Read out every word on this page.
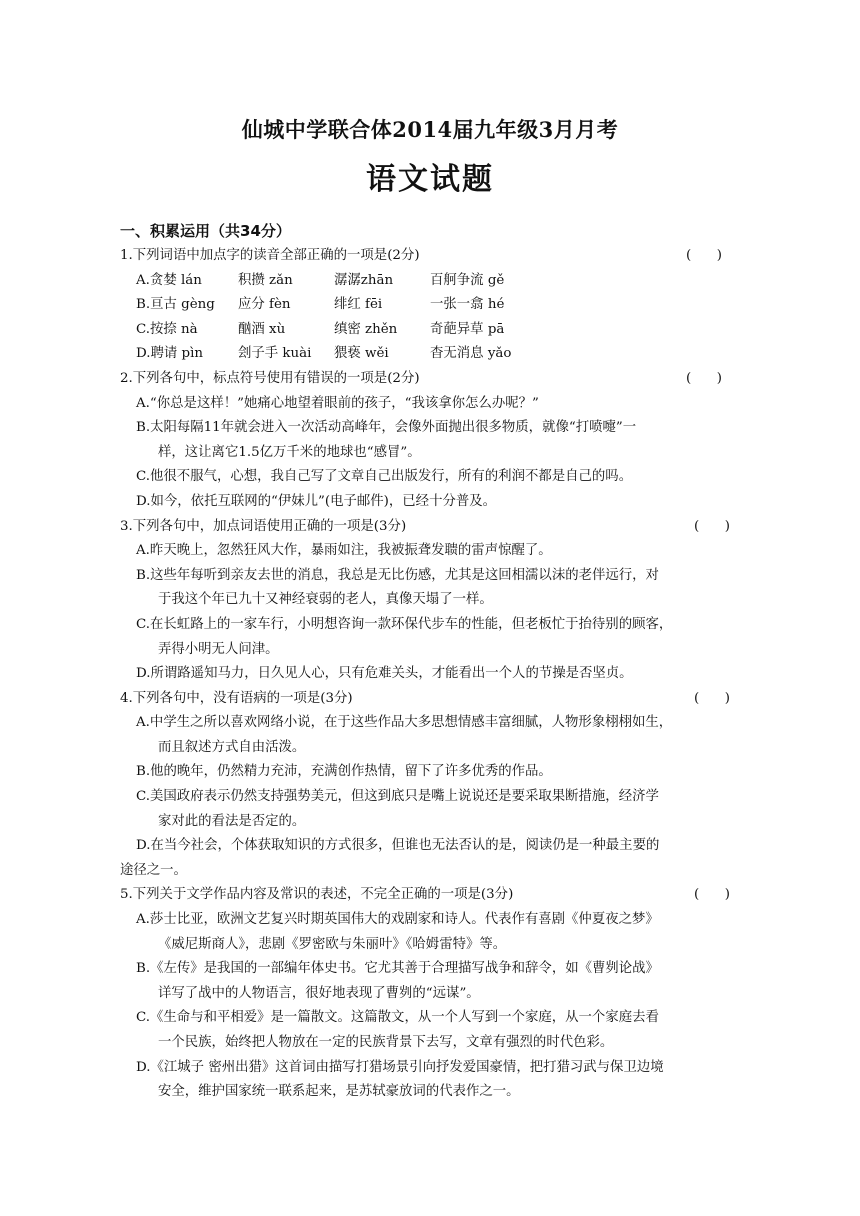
仙城中学联合体2014届九年级3月月考
语文试题
一、积累运用（共34分）
1.下列词语中加点字的读音全部正确的一项是(2分)	(      )
A.贪婪 lán	积攒 zǎn	潺潺zhān	百舸争流 gě
B.亘古 gèng	应分 fèn	绯红 fēi	一张一翕 hé
C.按捺 nà	酗酒 xù	缜密 zhěn	奇葩异草 pā
D.聘请 pìn	刽子手 kuài	猥亵 wěi	杳无消息 yǎo
2.下列各句中，标点符号使用有错误的一项是(2分)	(      )
A.“你总是这样！”她痛心地望着眼前的孩子，“我该拿你怎么办呢？”
B.太阳每隔11年就会进入一次活动高峰年，会像外面抛出很多物质，就像“打喷嚏”一
样，这让离它1.5亿万千米的地球也“感冒”。
C.他很不服气，心想，我自己写了文章自己出版发行，所有的利润不都是自己的吗。
D.如今，依托互联网的“伊妹儿”(电子邮件)，已经十分普及。
3.下列各句中，加点词语使用正确的一项是(3分)	(      )
A.昨天晚上，忽然狂风大作，暴雨如注，我被振聋发聩的雷声惊醒了。
B.这些年每听到亲友去世的消息，我总是无比伤感，尤其是这回相濡以沫的老伴远行，对
于我这个年已九十又神经衰弱的老人，真像天塌了一样。
C.在长虹路上的一家车行，小明想咨询一款环保代步车的性能，但老板忙于抬待别的顾客，
弄得小明无人问津。
D.所谓路遥知马力，日久见人心，只有危难关头，才能看出一个人的节操是否坚贞。
4.下列各句中，没有语病的一项是(3分)	(      )
A.中学生之所以喜欢网络小说，在于这些作品大多思想情感丰富细腻，人物形象栩栩如生，
而且叙述方式自由活泼。
B.他的晚年，仍然精力充沛，充满创作热情，留下了许多优秀的作品。
C.美国政府表示仍然支持强势美元，但这到底只是嘴上说说还是要采取果断措施，经济学
家对此的看法是否定的。
D.在当今社会，个体获取知识的方式很多，但谁也无法否认的是，阅读仍是一种最主要的
途径之一。
5.下列关于文学作品内容及常识的表述，不完全正确的一项是(3分)	(      )
A.莎士比亚，欧洲文艺复兴时期英国伟大的戏剧家和诗人。代表作有喜剧《仲夏夜之梦》
《威尼斯商人》，悲剧《罗密欧与朱丽叶》《哈姆雷特》等。
B.《左传》是我国的一部编年体史书。它尤其善于合理描写战争和辞令，如《曹刿论战》
详写了战中的人物语言，很好地表现了曹刿的“远谋”。
C.《生命与和平相爱》是一篇散文。这篇散文，从一个人写到一个家庭，从一个家庭去看
一个民族，始终把人物放在一定的民族背景下去写，文章有强烈的时代色彩。
D.《江城子 密州出猎》这首词由描写打猎场景引向抒发爱国豪情，把打猎习武与保卫边境
安全，维护国家统一联系起来，是苏轼豪放词的代表作之一。
